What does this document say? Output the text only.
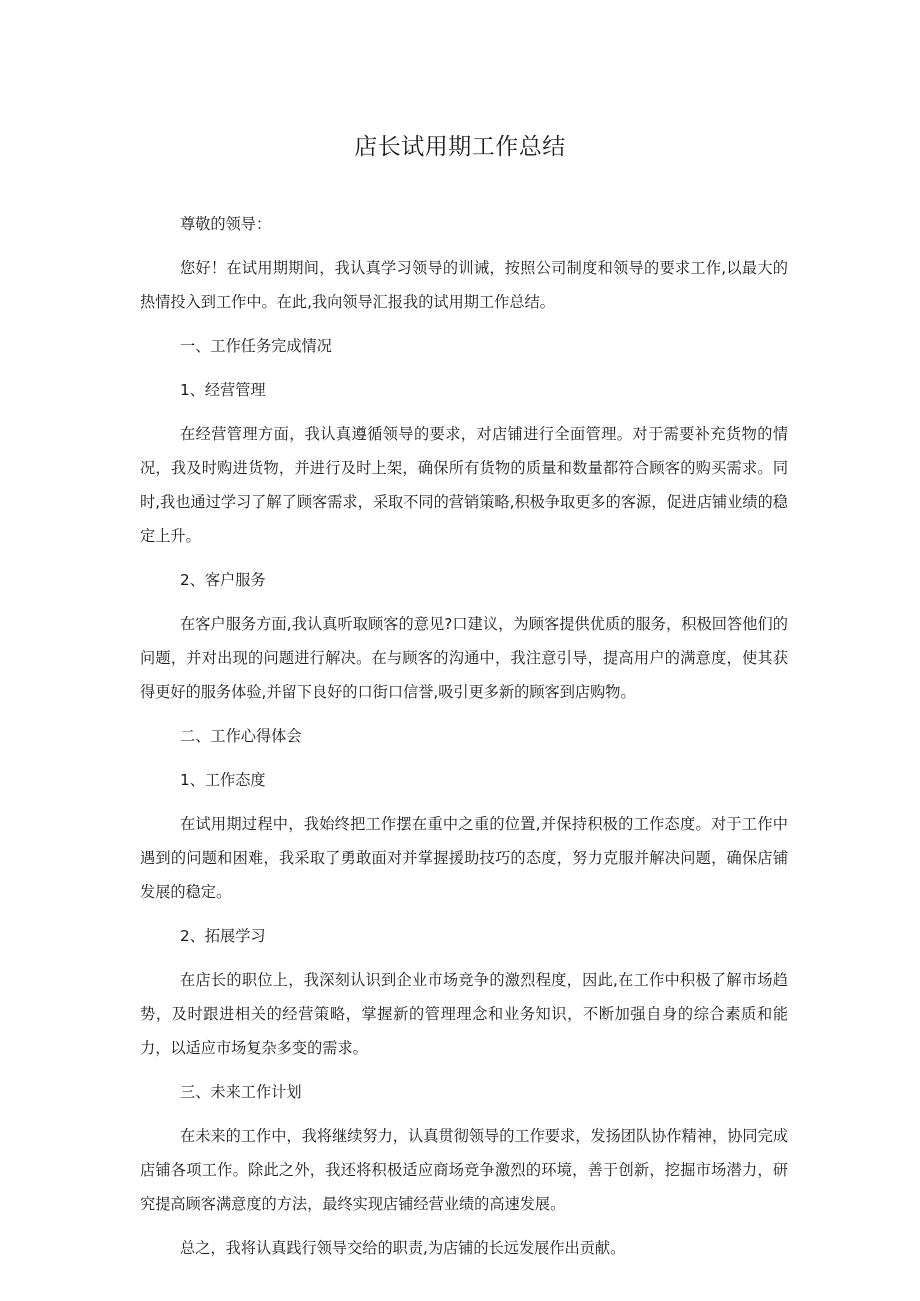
店长试用期工作总结

尊敬的领导：

您好！在试用期期间，我认真学习领导的训诫，按照公司制度和领导的要求工作,以最大的热情投入到工作中。在此,我向领导汇报我的试用期工作总结。

一、工作任务完成情况

1、经营管理

在经营管理方面，我认真遵循领导的要求，对店铺进行全面管理。对于需要补充货物的情况，我及时购进货物，并进行及时上架，确保所有货物的质量和数量都符合顾客的购买需求。同时,我也通过学习了解了顾客需求，采取不同的营销策略,积极争取更多的客源，促进店铺业绩的稳定上升。

2、客户服务

在客户服务方面,我认真听取顾客的意见?口建议，为顾客提供优质的服务，积极回答他们的问题，并对出现的问题进行解决。在与顾客的沟通中，我注意引导，提高用户的满意度，使其获得更好的服务体验,并留下良好的口街口信誉,吸引更多新的顾客到店购物。

二、工作心得体会

1、工作态度

在试用期过程中，我始终把工作摆在重中之重的位置,并保持积极的工作态度。对于工作中遇到的问题和困难，我采取了勇敢面对并掌握援助技巧的态度，努力克服并解决问题，确保店铺发展的稳定。

2、拓展学习

在店长的职位上，我深刻认识到企业市场竞争的激烈程度，因此,在工作中积极了解市场趋势，及时跟进相关的经营策略，掌握新的管理理念和业务知识，不断加强自身的综合素质和能力，以适应市场复杂多变的需求。

三、未来工作计划

在未来的工作中，我将继续努力，认真贯彻领导的工作要求，发扬团队协作精神，协同完成店铺各项工作。除此之外，我还将积极适应商场竞争激烈的环境，善于创新，挖掘市场潜力，研究提高顾客满意度的方法，最终实现店铺经营业绩的高速发展。

总之，我将认真践行领导交给的职责,为店铺的长远发展作出贡献。
